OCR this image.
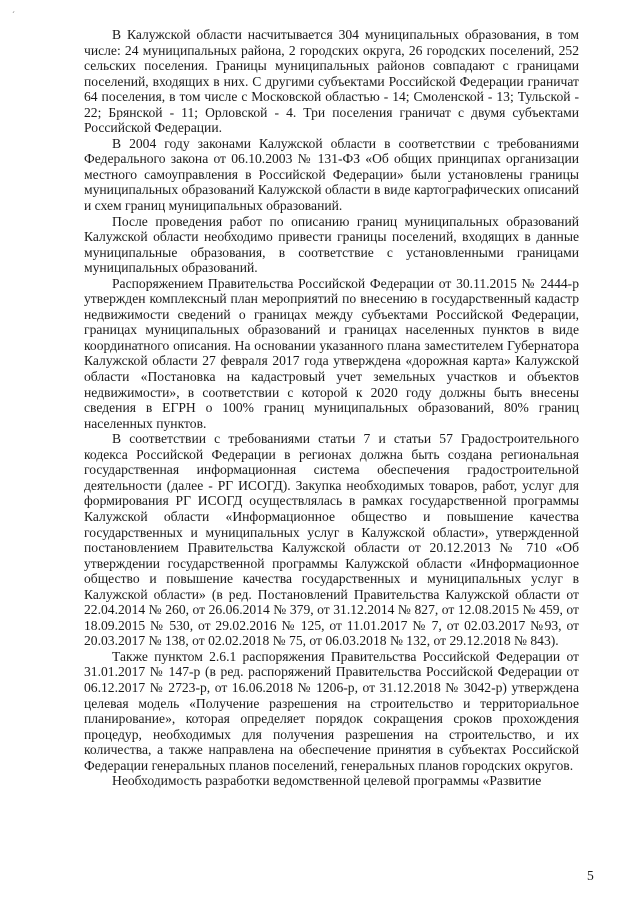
´

В Калужской области насчитывается 304 муниципальных образования, в том числе: 24 муниципальных района, 2 городских округа, 26 городских поселений, 252 сельских поселения. Границы муниципальных районов совпадают с границами поселений, входящих в них. С другими субъектами Российской Федерации граничат 64 поселения, в том числе с Московской областью - 14; Смоленской - 13; Тульской - 22; Брянской - 11; Орловской - 4. Три поселения граничат с двумя субъектами Российской Федерации.

В 2004 году законами Калужской области в соответствии с требованиями Федерального закона от 06.10.2003 № 131-ФЗ «Об общих принципах организации местного самоуправления в Российской Федерации» были установлены границы муниципальных образований Калужской области в виде картографических описаний и схем границ муниципальных образований.

После проведения работ по описанию границ муниципальных образований Калужской области необходимо привести границы поселений, входящих в данные муниципальные образования, в соответствие с установленными границами муниципальных образований.

Распоряжением Правительства Российской Федерации от 30.11.2015 № 2444-р утвержден комплексный план мероприятий по внесению в государственный кадастр недвижимости сведений о границах между субъектами Российской Федерации, границах муниципальных образований и границах населенных пунктов в виде координатного описания. На основании указанного плана заместителем Губернатора Калужской области 27 февраля 2017 года утверждена «дорожная карта» Калужской области «Постановка на кадастровый учет земельных участков и объектов недвижимости», в соответствии с которой к 2020 году должны быть внесены сведения в ЕГРН о 100% границ муниципальных образований, 80% границ населенных пунктов.

В соответствии с требованиями статьи 7 и статьи 57 Градостроительного кодекса Российской Федерации в регионах должна быть создана региональная государственная информационная система обеспечения градостроительной деятельности (далее - РГ ИСОГД). Закупка необходимых товаров, работ, услуг для формирования РГ ИСОГД осуществлялась в рамках государственной программы Калужской области «Информационное общество и повышение качества государственных и муниципальных услуг в Калужской области», утвержденной постановлением Правительства Калужской области от 20.12.2013 № 710 «Об утверждении государственной программы Калужской области «Информационное общество и повышение качества государственных и муниципальных услуг в Калужской области» (в ред. Постановлений Правительства Калужской области от 22.04.2014 № 260, от 26.06.2014 № 379, от 31.12.2014 № 827, от 12.08.2015 № 459, от 18.09.2015 № 530, от 29.02.2016 № 125, от 11.01.2017 № 7, от 02.03.2017 №93, от 20.03.2017 № 138, от 02.02.2018 № 75, от 06.03.2018 № 132, от 29.12.2018 № 843).

Также пунктом 2.6.1 распоряжения Правительства Российской Федерации от 31.01.2017 № 147-р (в ред. распоряжений Правительства Российской Федерации от 06.12.2017 № 2723-р, от 16.06.2018 № 1206-р, от 31.12.2018 № 3042-р) утверждена целевая модель «Получение разрешения на строительство и территориальное планирование», которая определяет порядок сокращения сроков прохождения процедур, необходимых для получения разрешения на строительство, и их количества, а также направлена на обеспечение принятия в субъектах Российской Федерации генеральных планов поселений, генеральных планов городских округов.

Необходимость разработки ведомственной целевой программы «Развитие

5
